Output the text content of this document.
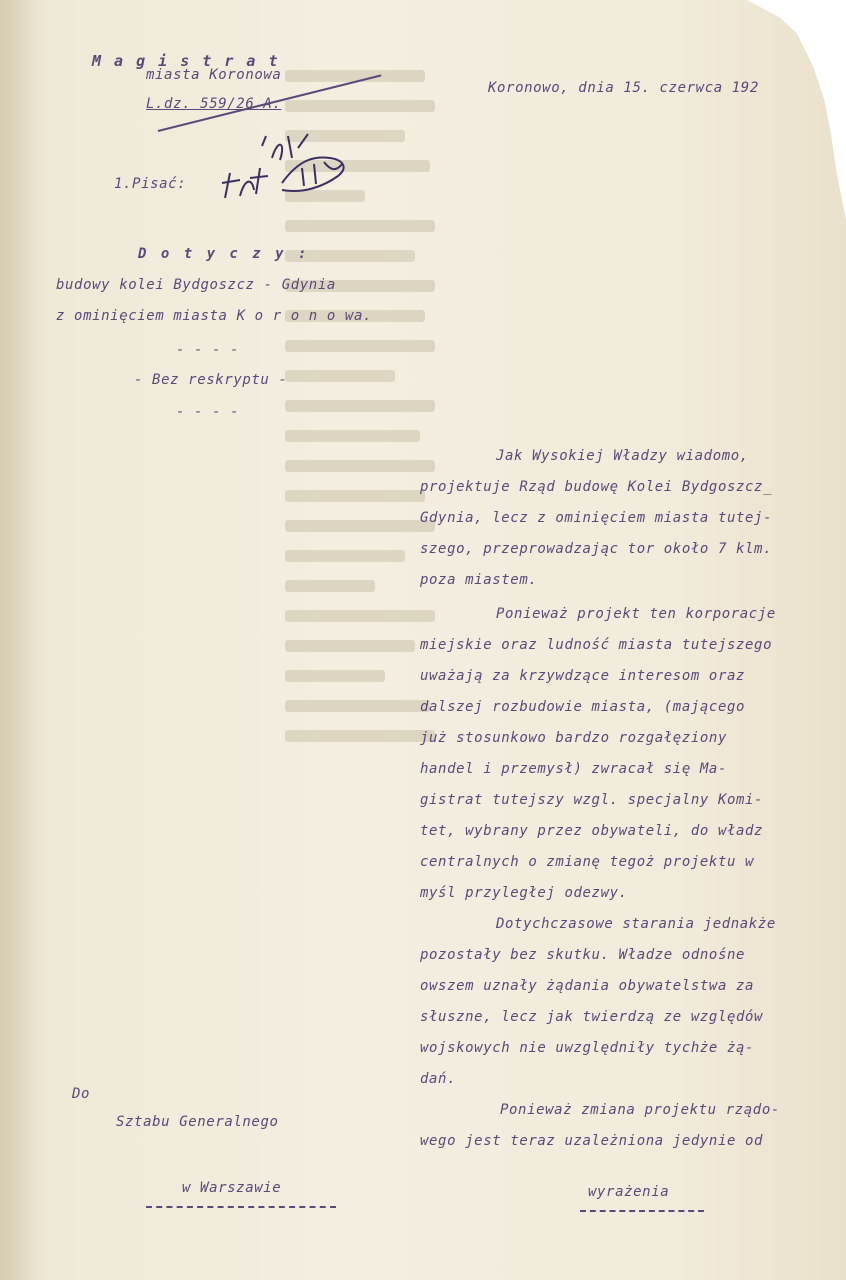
M a g i s t r a t
miasta Koronowa
L.dz. 559/26 A.
Koronowo, dnia 15. czerwca 192
1.Pisać:
Zat. 15/6. Jan
D o t y c z y :
budowy kolei Bydgoszcz - Gdynia
z ominięciem miasta K o r o n o wa.
- - - -
- Bez reskryptu -
- - - -
Jak Wysokiej Władzy wiadomo,
projektuje Rząd budowę Kolei Bydgoszcz_
Gdynia, lecz z ominięciem miasta tutej-
szego, przeprowadzając tor około 7 klm.
poza miastem.
Ponieważ projekt ten korporacje
miejskie oraz ludność miasta tutejszego
uważają za krzywdzące interesom oraz
dalszej rozbudowie miasta, (mającego
już stosunkowo bardzo rozgałęziony
handel i przemysł) zwracał się Ma-
gistrat tutejszy wzgl. specjalny Komi-
tet, wybrany przez obywateli, do władz
centralnych o zmianę tegoż projektu w
myśl przyległej odezwy.
Dotychczasowe starania jednakże
pozostały bez skutku. Władze odnośne
owszem uznały żądania obywatelstwa za
słuszne, lecz jak twierdzą ze względów
wojskowych nie uwzględniły tychże żą-
dań.
Ponieważ zmiana projektu rządo-
wego jest teraz uzależniona jedynie od
Do
Sztabu Generalnego
w Warszawie	wyrażenia
